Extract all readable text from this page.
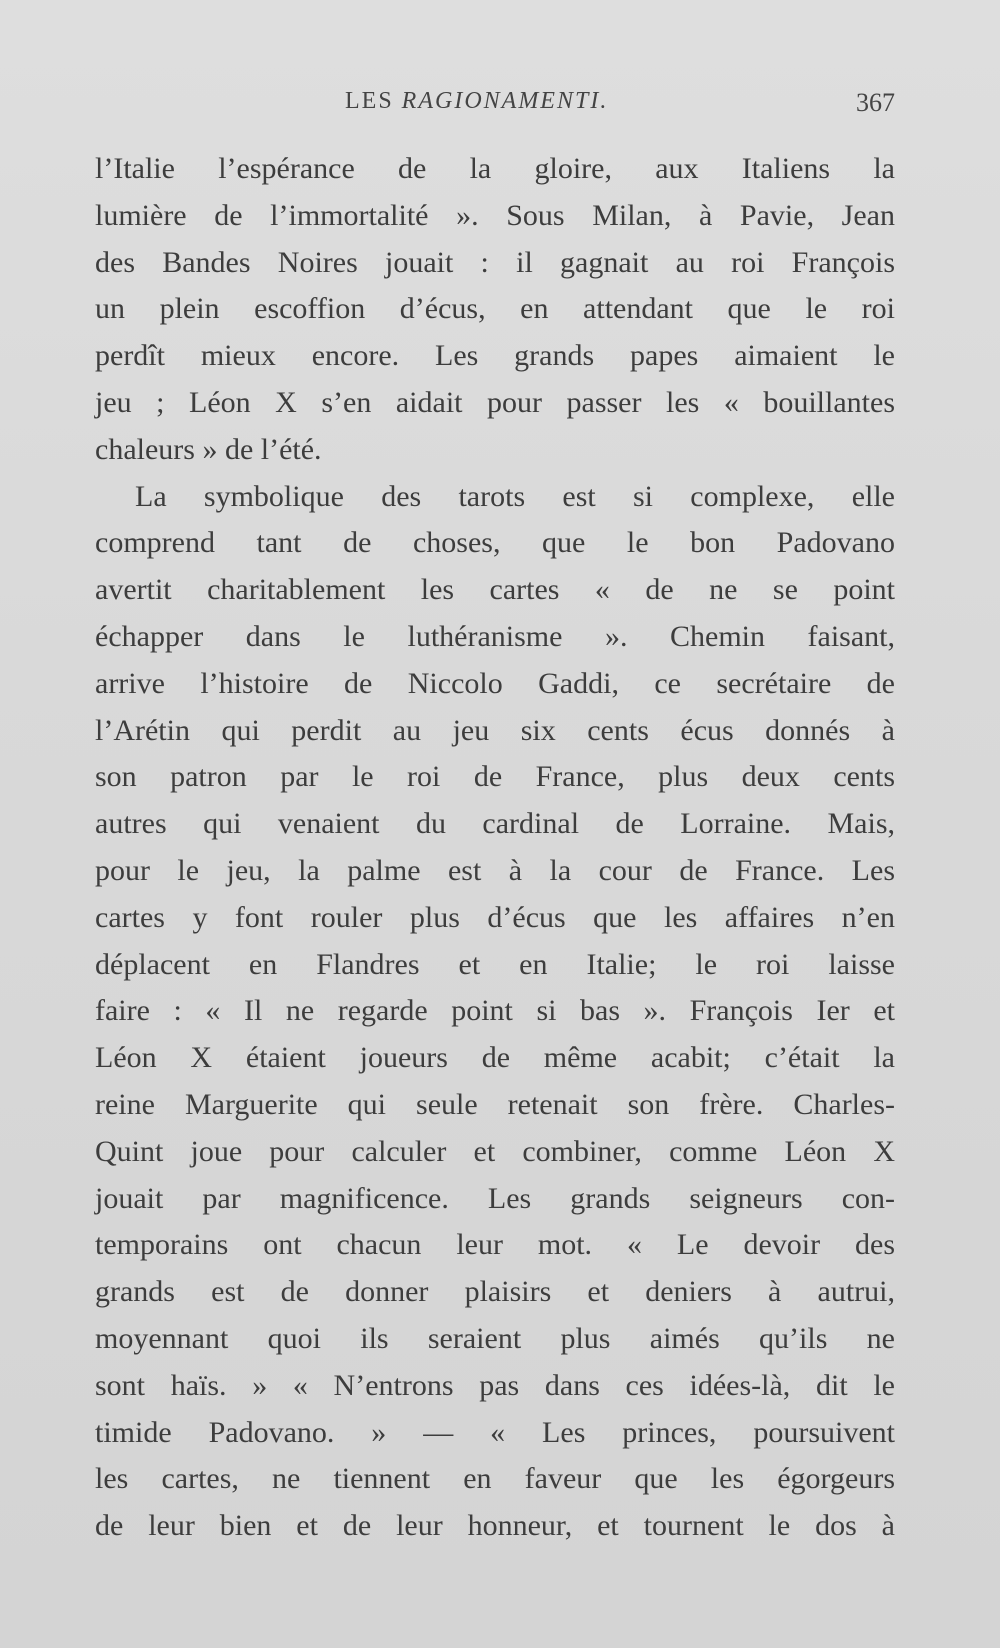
LES RAGIONAMENTI.	367
l’Italie l’espérance de la gloire, aux Italiens la
lumière de l’immortalité ». Sous Milan, à Pavie, Jean
des Bandes Noires jouait : il gagnait au roi François
un plein escoffion d’écus, en attendant que le roi
perdît mieux encore. Les grands papes aimaient le
jeu ; Léon X s’en aidait pour passer les « bouillantes
chaleurs » de l’été.
La symbolique des tarots est si complexe, elle
comprend tant de choses, que le bon Padovano
avertit charitablement les cartes « de ne se point
échapper dans le luthéranisme ». Chemin faisant,
arrive l’histoire de Niccolo Gaddi, ce secrétaire de
l’Arétin qui perdit au jeu six cents écus donnés à
son patron par le roi de France, plus deux cents
autres qui venaient du cardinal de Lorraine. Mais,
pour le jeu, la palme est à la cour de France. Les
cartes y font rouler plus d’écus que les affaires n’en
déplacent en Flandres et en Italie; le roi laisse
faire : « Il ne regarde point si bas ». François Ier et
Léon X étaient joueurs de même acabit; c’était la
reine Marguerite qui seule retenait son frère. Charles-
Quint joue pour calculer et combiner, comme Léon X
jouait par magnificence. Les grands seigneurs con-
temporains ont chacun leur mot. « Le devoir des
grands est de donner plaisirs et deniers à autrui,
moyennant quoi ils seraient plus aimés qu’ils ne
sont haïs. » « N’entrons pas dans ces idées-là, dit le
timide Padovano. » — « Les princes, poursuivent
les cartes, ne tiennent en faveur que les égorgeurs
de leur bien et de leur honneur, et tournent le dos à
